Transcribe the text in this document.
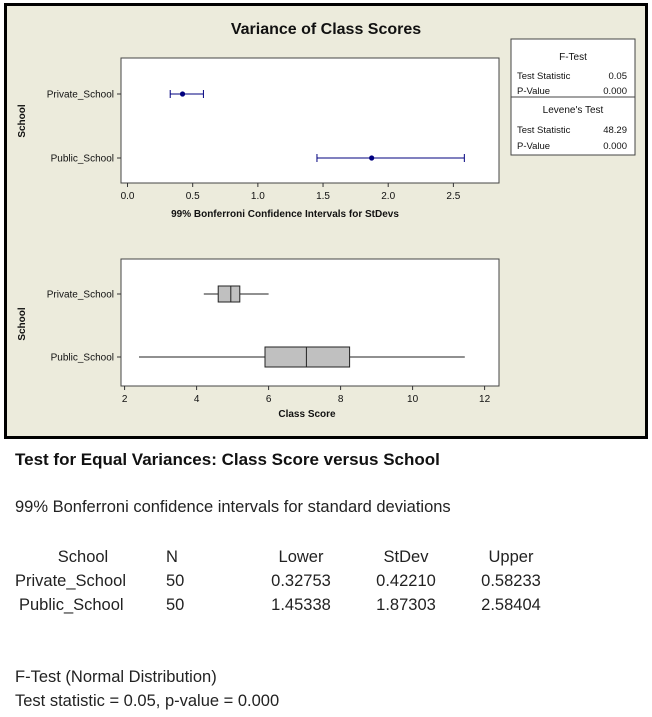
Variance of Class Scores
School
Private_School
Public_School
0.0	0.5	1.0	1.5	2.0	2.5
99% Bonferroni Confidence Intervals for StDevs
F-Test
Test Statistic	0.05
P-Value	0.000
Levene's Test
Test Statistic	48.29
P-Value	0.000
School
Private_School
Public_School
2	4	6	8	10	12
Class Score
Test for Equal Variances: Class Score versus School
99% Bonferroni confidence intervals for standard deviations
School	N	Lower	StDev	Upper
Private_School	50	0.32753	0.42210	0.58233
Public_School	50	1.45338	1.87303	2.58404
F-Test (Normal Distribution)
Test statistic = 0.05, p-value = 0.000
